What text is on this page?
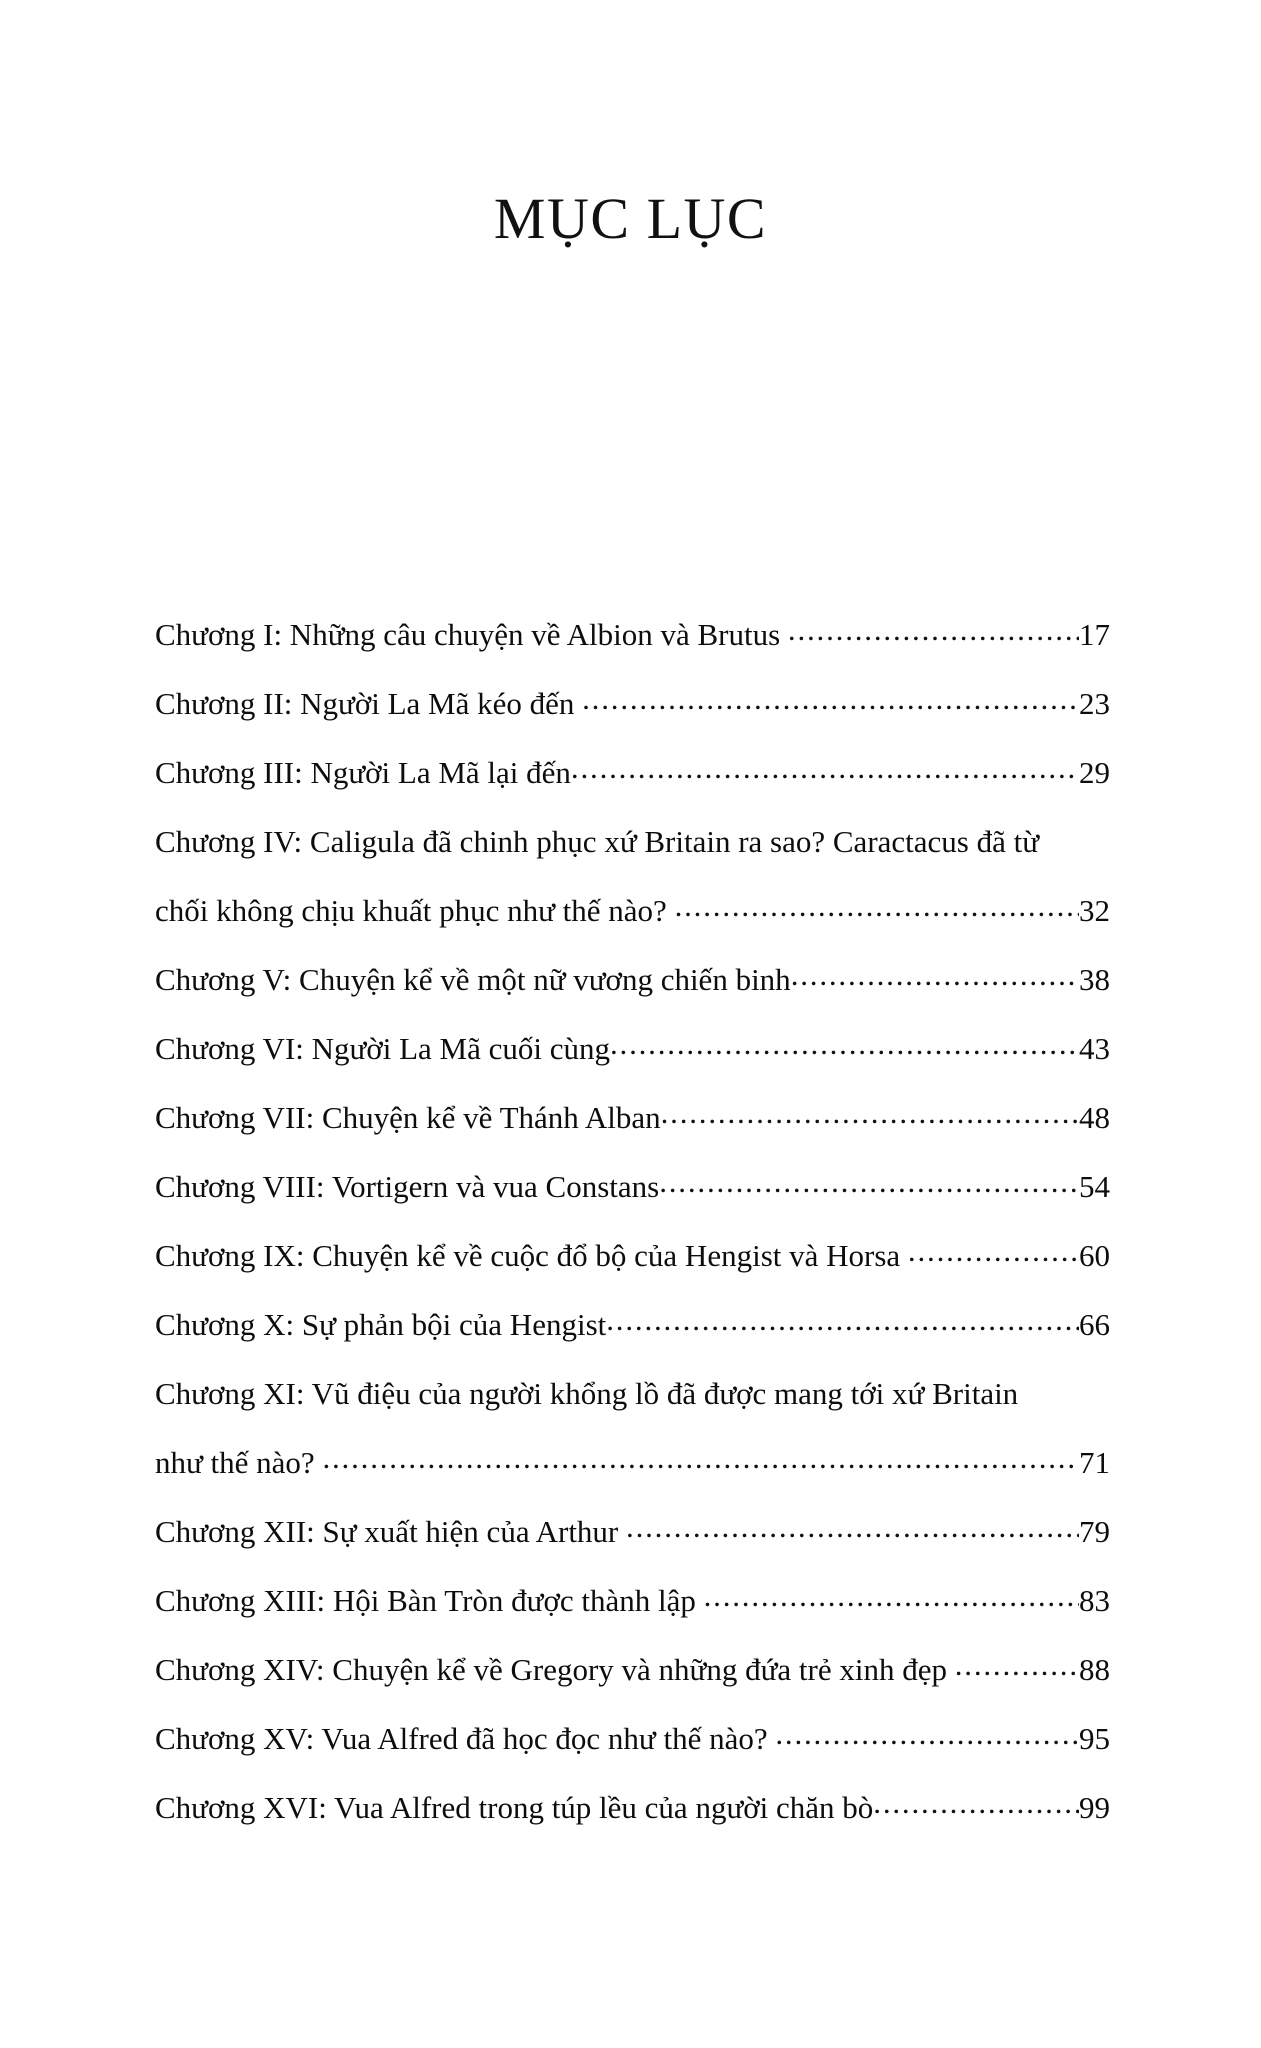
MỤC LỤC
Chương I: Những câu chuyện về Albion và Brutus .....	17
Chương II: Người La Mã kéo đến .....	23
Chương III: Người La Mã lại đến .....	29
Chương IV: Caligula đã chinh phục xứ Britain ra sao? Caractacus đã từ
chối không chịu khuất phục như thế nào? .....	32
Chương V: Chuyện kể về một nữ vương chiến binh .....	38
Chương VI: Người La Mã cuối cùng .....	43
Chương VII: Chuyện kể về Thánh Alban .....	48
Chương VIII: Vortigern và vua Constans .....	54
Chương IX: Chuyện kể về cuộc đổ bộ của Hengist và Horsa .....	60
Chương X: Sự phản bội của Hengist .....	66
Chương XI: Vũ điệu của người khổng lồ đã được mang tới xứ Britain
như thế nào? .....	71
Chương XII: Sự xuất hiện của Arthur .....	79
Chương XIII: Hội Bàn Tròn được thành lập .....	83
Chương XIV: Chuyện kể về Gregory và những đứa trẻ xinh đẹp .....	88
Chương XV: Vua Alfred đã học đọc như thế nào? .....	95
Chương XVI: Vua Alfred trong túp lều của người chăn bò .....	99
